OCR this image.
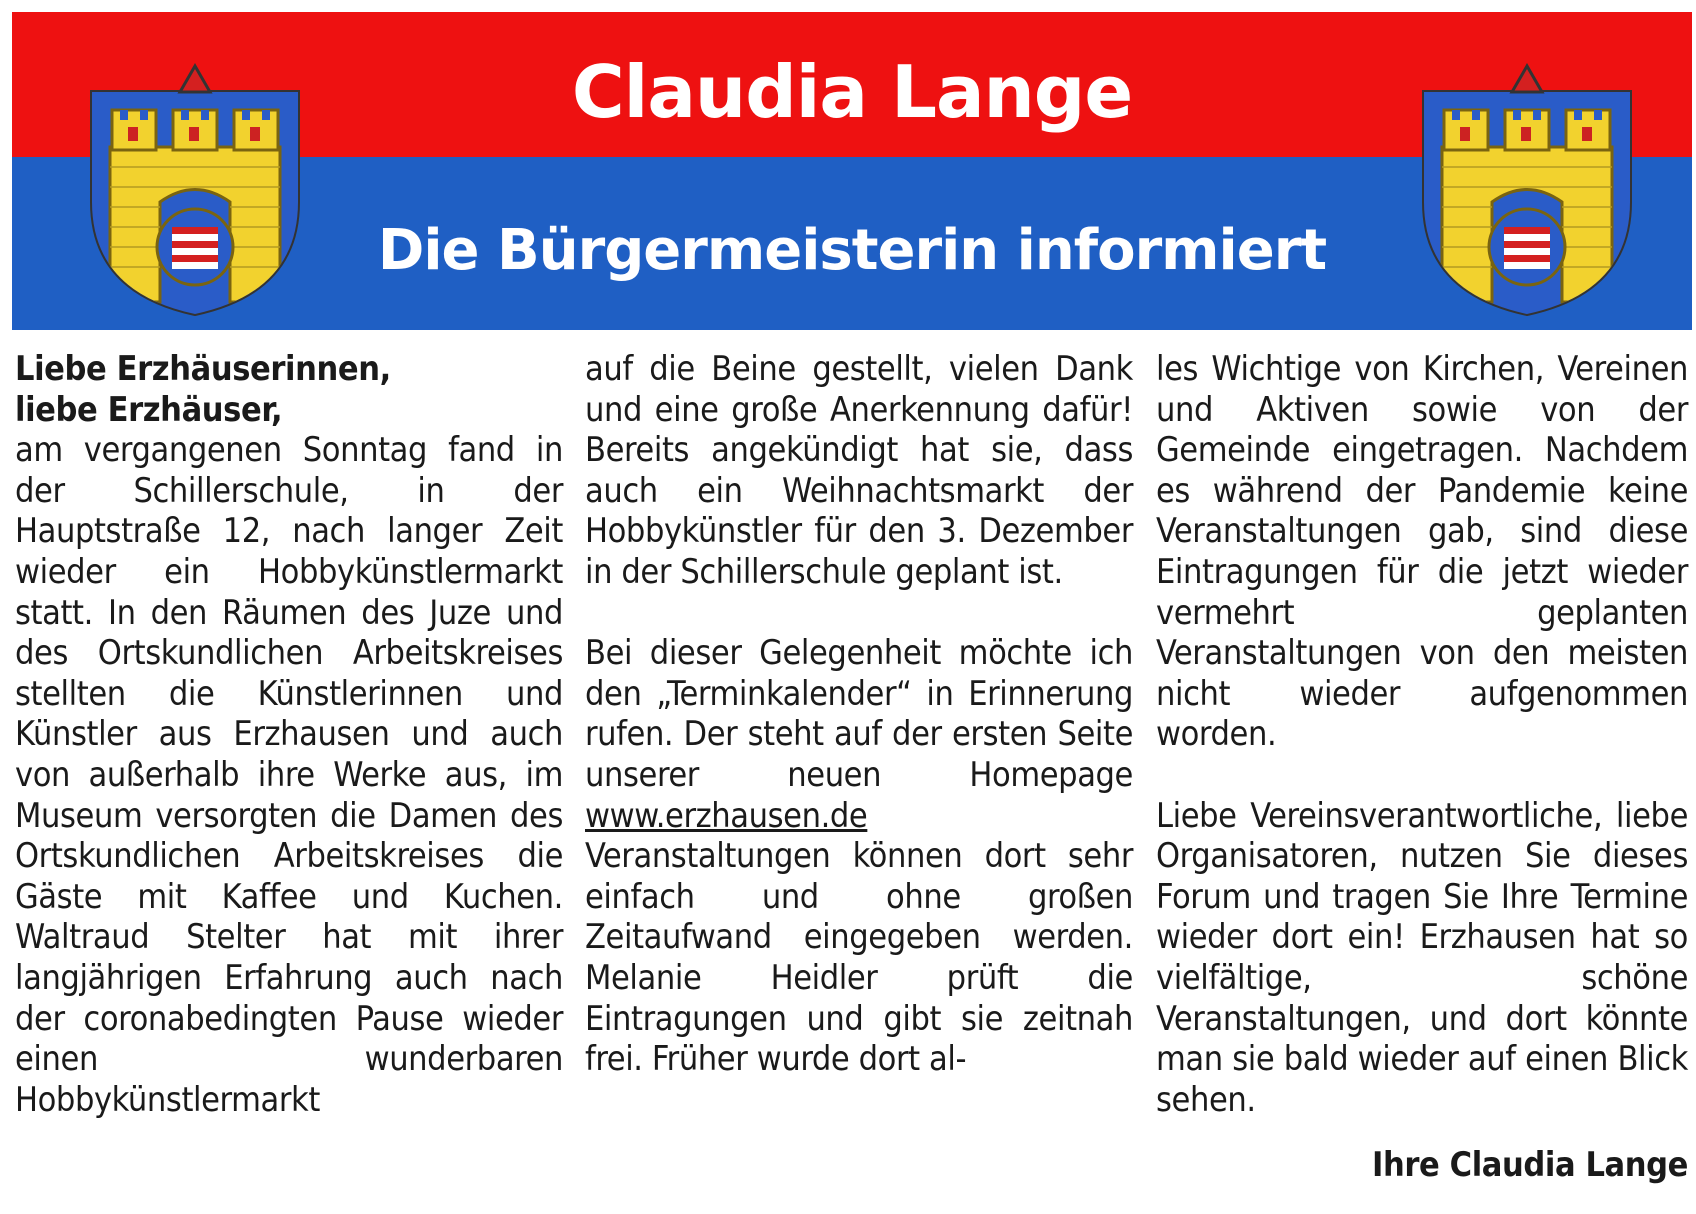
Claudia Lange
Die Bürgermeisterin informiert
Liebe Erzhäuserinnen,
liebe Erzhäuser,

am vergangenen Sonntag fand in der Schillerschule, in der Hauptstraße 12, nach langer Zeit wieder ein Hobbykünstlermarkt statt. In den Räumen des Juze und des Ortskundlichen Arbeitskreises stellten die Künstlerinnen und Künstler aus Erzhausen und auch von außerhalb ihre Werke aus, im Museum versorgten die Damen des Ortskundlichen Arbeitskreises die Gäste mit Kaffee und Kuchen. Waltraud Stelter hat mit ihrer langjährigen Erfahrung auch nach der coronabedingten Pause wieder einen wunderbaren Hobbykünstlermarkt

auf die Beine gestellt, vielen Dank und eine große Anerkennung dafür! Bereits angekündigt hat sie, dass auch ein Weihnachtsmarkt der Hobbykünstler für den 3. Dezember in der Schillerschule geplant ist.

Bei dieser Gelegenheit möchte ich den „Terminkalender“ in Erinnerung rufen. Der steht auf der ersten Seite unserer neuen Homepage www.erzhausen.de

Veranstaltungen können dort sehr einfach und ohne großen Zeitaufwand eingegeben werden. Melanie Heidler prüft die Eintragungen und gibt sie zeitnah frei. Früher wurde dort al-

les Wichtige von Kirchen, Vereinen und Aktiven sowie von der Gemeinde eingetragen. Nachdem es während der Pandemie keine Veranstaltungen gab, sind diese Eintragungen für die jetzt wieder vermehrt geplanten Veranstaltungen von den meisten nicht wieder aufgenommen worden.

Liebe Vereinsverantwortliche, liebe Organisatoren, nutzen Sie dieses Forum und tragen Sie Ihre Termine wieder dort ein! Erzhausen hat so vielfältige, schöne Veranstaltungen, und dort könnte man sie bald wieder auf einen Blick sehen.

Ihre Claudia Lange
